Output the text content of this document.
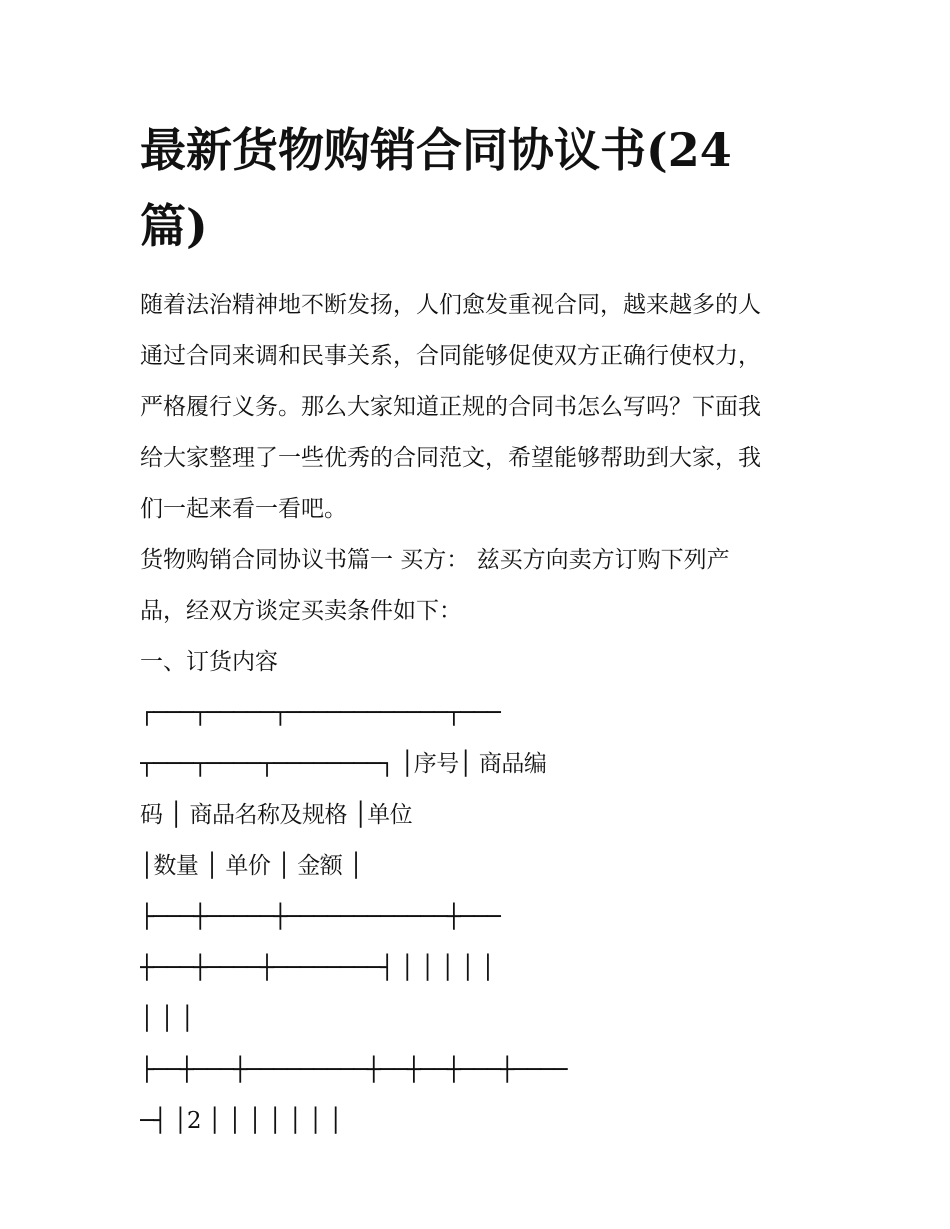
最新货物购销合同协议书(24
篇)
随着法治精神地不断发扬，人们愈发重视合同，越来越多的人
通过合同来调和民事关系，合同能够促使双方正确行使权力，
严格履行义务。那么大家知道正规的合同书怎么写吗？下面我
给大家整理了一些优秀的合同范文，希望能够帮助到大家，我
们一起来看一看吧。
货物购销合同协议书篇一 买方： 兹买方向卖方订购下列产
品，经双方谈定买卖条件如下：
一、订货内容
┌───┬─────┬────────────┬───
┬───┬────┬────────┐ │序号│ 商品编
码 │ 商品名称及规格 │单位
│数量 │ 单价 │ 金额 │
├───┼─────┼────────────┼───
┼───┼────┼────────┤ │ │ │ │ │
│ │ │
├──┼───┼─────────┼──┼──┼───┼────
─┤ │2 │ │ │ │ │ │ │
